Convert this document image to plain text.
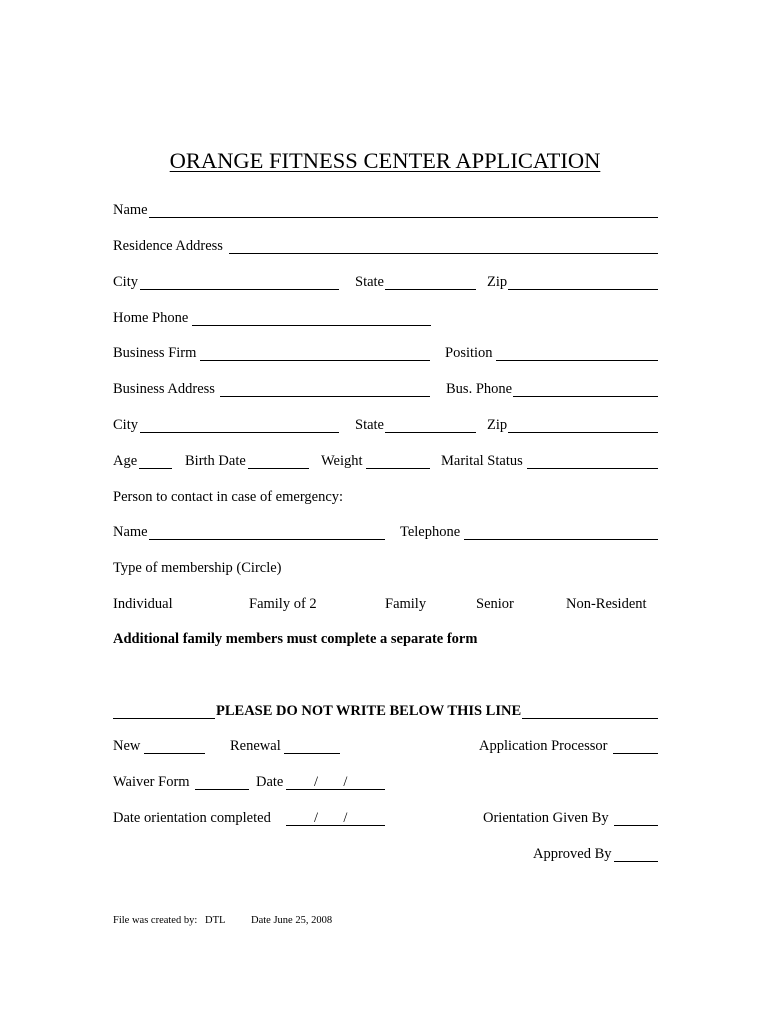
ORANGE FITNESS CENTER APPLICATION
Name
Residence Address
City	State	Zip
Home Phone
Business Firm	Position
Business Address	Bus. Phone
City	State	Zip
Age	Birth Date	Weight	Marital Status
Person to contact in case of emergency:
Name	Telephone
Type of membership (Circle)
Individual	Family of 2	Family	Senior	Non-Resident
Additional family members must complete a separate form
PLEASE DO NOT WRITE BELOW THIS LINE
New	Renewal	Application Processor
Waiver Form	Date /       /
Date orientation completed	/       /	Orientation Given By
Approved By
File was created by: DTL Date June 25, 2008
